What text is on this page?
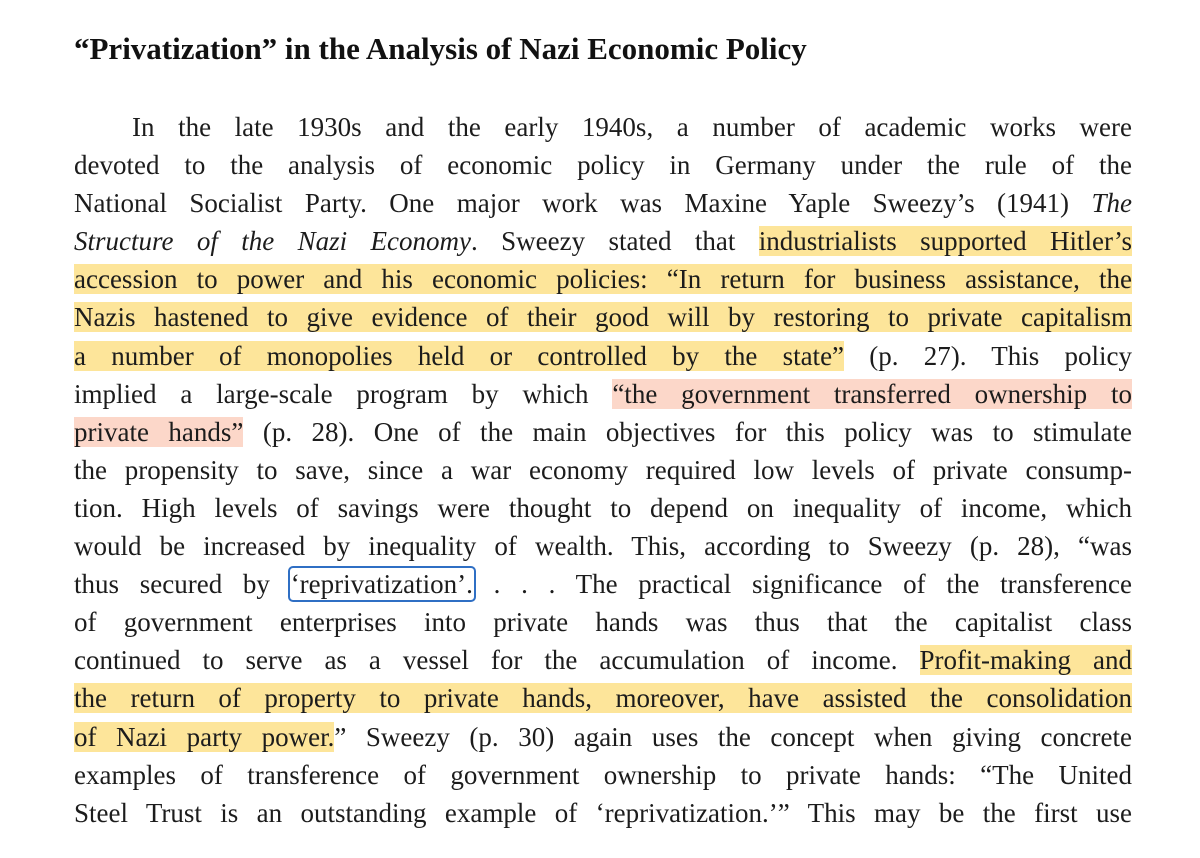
“Privatization” in the Analysis of Nazi Economic Policy
In the late 1930s and the early 1940s, a number of academic works were
devoted to the analysis of economic policy in Germany under the rule of the
National Socialist Party. One major work was Maxine Yaple Sweezy’s (1941) The
Structure of the Nazi Economy. Sweezy stated that industrialists supported Hitler’s
accession to power and his economic policies: “In return for business assistance, the
Nazis hastened to give evidence of their good will by restoring to private capitalism
a number of monopolies held or controlled by the state” (p. 27). This policy
implied a large-scale program by which “the government transferred ownership to
private hands” (p. 28). One of the main objectives for this policy was to stimulate
the propensity to save, since a war economy required low levels of private consump-
tion. High levels of savings were thought to depend on inequality of income, which
would be increased by inequality of wealth. This, according to Sweezy (p. 28), “was
thus secured by ‘reprivatization’. . . . The practical significance of the transference
of government enterprises into private hands was thus that the capitalist class
continued to serve as a vessel for the accumulation of income. Profit-making and
the return of property to private hands, moreover, have assisted the consolidation
of Nazi party power.” Sweezy (p. 30) again uses the concept when giving concrete
examples of transference of government ownership to private hands: “The United
Steel Trust is an outstanding example of ‘reprivatization.’” This may be the first use
